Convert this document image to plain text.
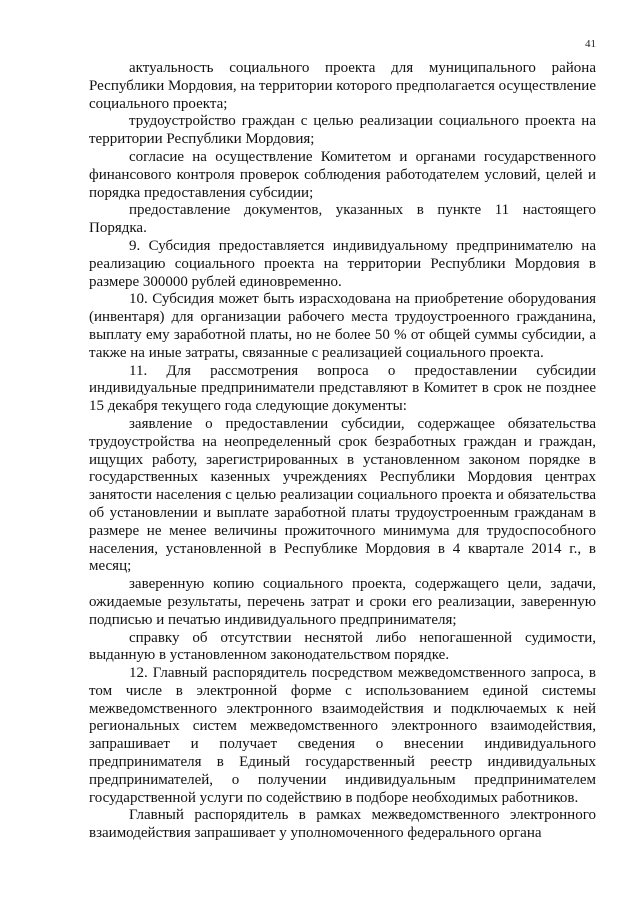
41

актуальность социального проекта для муниципального района Республики Мордовия, на территории которого предполагается осуществление социального проекта;

трудоустройство граждан с целью реализации социального проекта на территории Республики Мордовия;

согласие на осуществление Комитетом и органами государственного финансового контроля проверок соблюдения работодателем условий, целей и порядка предоставления субсидии;

предоставление документов, указанных в пункте 11 настоящего Порядка.

9. Субсидия предоставляется индивидуальному предпринимателю на реализацию социального проекта на территории Республики Мордовия в размере 300000 рублей единовременно.

10. Субсидия может быть израсходована на приобретение оборудования (инвентаря) для организации рабочего места трудоустроенного гражданина, выплату ему заработной платы, но не более 50 % от общей суммы субсидии, а также на иные затраты, связанные с реализацией социального проекта.

11. Для рассмотрения вопроса о предоставлении субсидии индивидуальные предприниматели представляют в Комитет в срок не позднее 15 декабря текущего года следующие документы:

заявление о предоставлении субсидии, содержащее обязательства трудоустройства на неопределенный срок безработных граждан и граждан, ищущих работу, зарегистрированных в установленном законом порядке в государственных казенных учреждениях Республики Мордовия центрах занятости населения с целью реализации социального проекта и обязательства об установлении и выплате заработной платы трудоустроенным гражданам в размере не менее величины прожиточного минимума для трудоспособного населения, установленной в Республике Мордовия в 4 квартале 2014 г., в месяц;

заверенную копию социального проекта, содержащего цели, задачи, ожидаемые результаты, перечень затрат и сроки его реализации, заверенную подписью и печатью индивидуального предпринимателя;

справку об отсутствии неснятой либо непогашенной судимости, выданную в установленном законодательством порядке.

12. Главный распорядитель посредством межведомственного запроса, в том числе в электронной форме с использованием единой системы межведомственного электронного взаимодействия и подключаемых к ней региональных систем межведомственного электронного взаимодействия, запрашивает и получает сведения о внесении индивидуального предпринимателя в Единый государственный реестр индивидуальных предпринимателей, о получении индивидуальным предпринимателем государственной услуги по содействию в подборе необходимых работников.

Главный распорядитель в рамках межведомственного электронного взаимодействия запрашивает у уполномоченного федерального органа
